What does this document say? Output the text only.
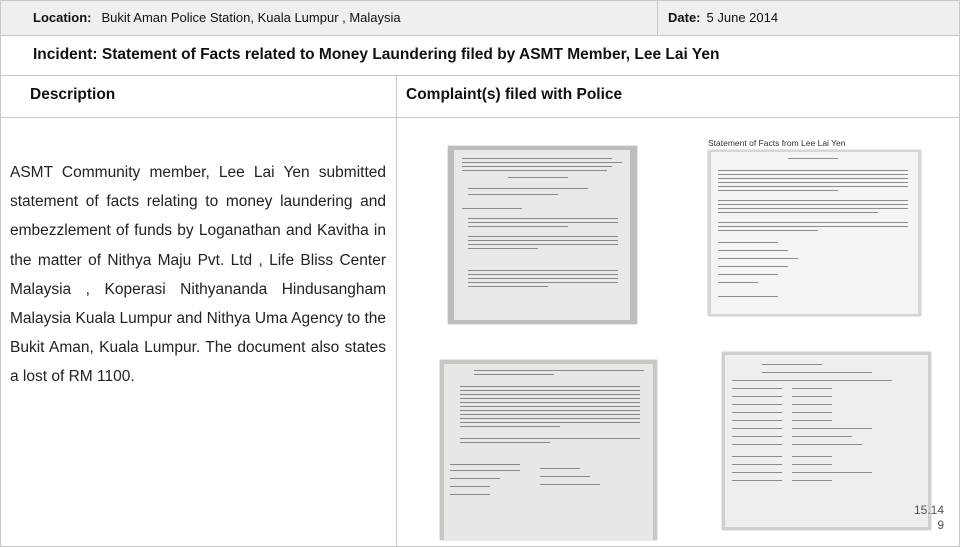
Location: Bukit Aman Police Station, Kuala Lumpur , Malaysia	Date: 5 June 2014
Incident: Statement of Facts related to Money Laundering filed by ASMT Member, Lee Lai Yen
Description	Complaint(s) filed with Police
ASMT Community member, Lee Lai Yen submitted statement of facts relating to money laundering and embezzlement of funds by Loganathan and Kavitha in the matter of Nithya Maju Pvt. Ltd , Life Bliss Center Malaysia , Koperasi Nithyananda Hindusangham Malaysia Kuala Lumpur and Nithya Uma Agency to the Bukit Aman, Kuala Lumpur. The document also states a lost of RM 1100.
Statement of Facts from Lee Lai Yen
15.14
9
